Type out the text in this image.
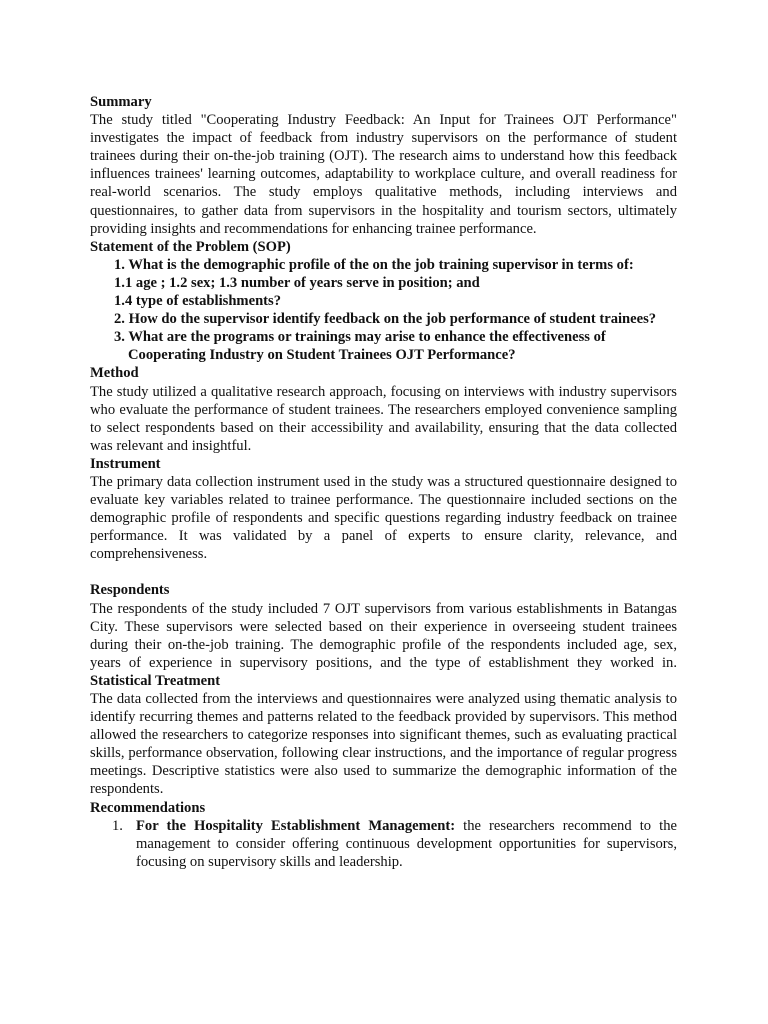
Summary

The study titled "Cooperating Industry Feedback: An Input for Trainees OJT Performance" investigates the impact of feedback from industry supervisors on the performance of student trainees during their on-the-job training (OJT). The research aims to understand how this feedback influences trainees' learning outcomes, adaptability to workplace culture, and overall readiness for real-world scenarios. The study employs qualitative methods, including interviews and questionnaires, to gather data from supervisors in the hospitality and tourism sectors, ultimately providing insights and recommendations for enhancing trainee performance.

Statement of the Problem (SOP)
1. What is the demographic profile of the on the job training supervisor in terms of:
1.1 age ; 1.2 sex; 1.3 number of years serve in position; and
1.4 type of establishments?
2. How do the supervisor identify feedback on the job performance of student trainees?
3. What are the programs or trainings may arise to enhance the effectiveness of
Cooperating Industry on Student Trainees OJT Performance?
Method

The study utilized a qualitative research approach, focusing on interviews with industry supervisors who evaluate the performance of student trainees. The researchers employed convenience sampling to select respondents based on their accessibility and availability, ensuring that the data collected was relevant and insightful.

Instrument

The primary data collection instrument used in the study was a structured questionnaire designed to evaluate key variables related to trainee performance. The questionnaire included sections on the demographic profile of respondents and specific questions regarding industry feedback on trainee performance. It was validated by a panel of experts to ensure clarity, relevance, and comprehensiveness.

Respondents

The respondents of the study included 7 OJT supervisors from various establishments in Batangas City. These supervisors were selected based on their experience in overseeing student trainees during their on-the-job training. The demographic profile of the respondents included age, sex, years of experience in supervisory positions, and the type of establishment they worked in. Statistical Treatment

The data collected from the interviews and questionnaires were analyzed using thematic analysis to identify recurring themes and patterns related to the feedback provided by supervisors. This method allowed the researchers to categorize responses into significant themes, such as evaluating practical skills, performance observation, following clear instructions, and the importance of regular progress meetings. Descriptive statistics were also used to summarize the demographic information of the respondents.

Recommendations
1. For the Hospitality Establishment Management: the researchers recommend to the management to consider offering continuous development opportunities for supervisors, focusing on supervisory skills and leadership.
